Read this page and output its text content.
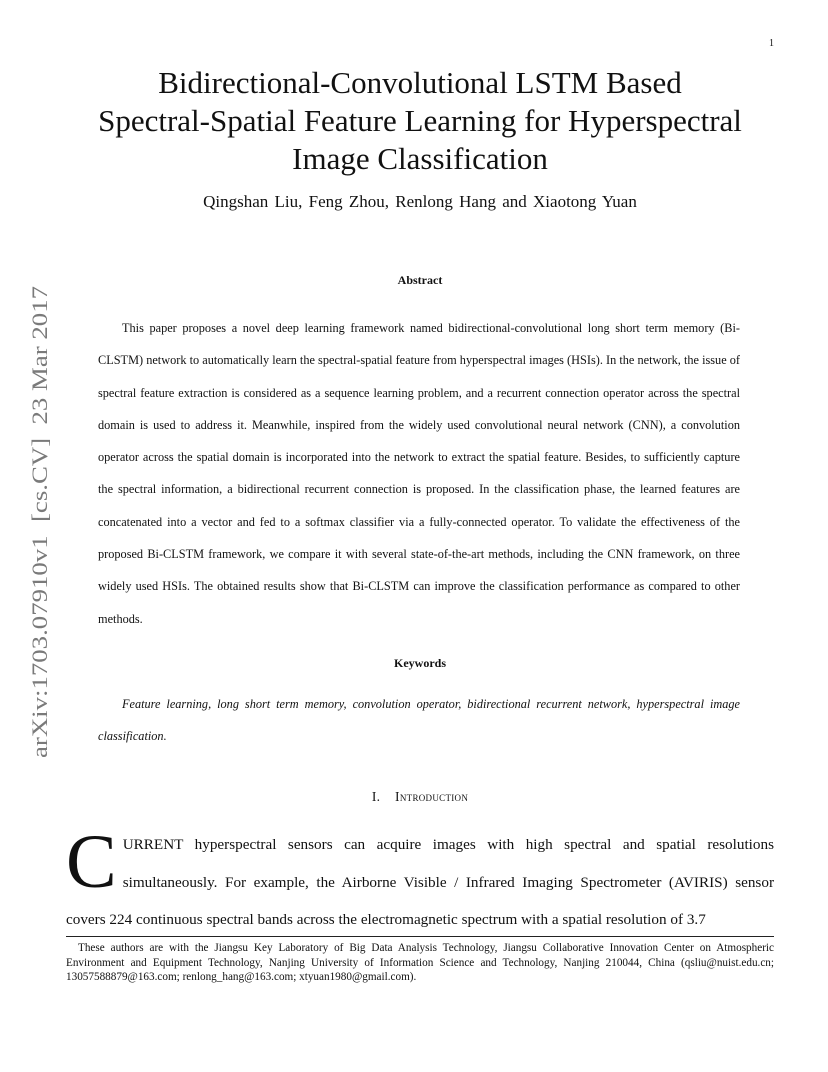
1
arXiv:1703.07910v1  [cs.CV]  23 Mar 2017
Bidirectional-Convolutional LSTM Based
Spectral-Spatial Feature Learning for Hyperspectral
Image Classification
Qingshan Liu, Feng Zhou, Renlong Hang and Xiaotong Yuan
Abstract

This paper proposes a novel deep learning framework named bidirectional-convolutional long short term memory (Bi-CLSTM) network to automatically learn the spectral-spatial feature from hyperspectral images (HSIs). In the network, the issue of spectral feature extraction is considered as a sequence learning problem, and a recurrent connection operator across the spectral domain is used to address it. Meanwhile, inspired from the widely used convolutional neural network (CNN), a convolution operator across the spatial domain is incorporated into the network to extract the spatial feature. Besides, to sufficiently capture the spectral information, a bidirectional recurrent connection is proposed. In the classification phase, the learned features are concatenated into a vector and fed to a softmax classifier via a fully-connected operator. To validate the effectiveness of the proposed Bi-CLSTM framework, we compare it with several state-of-the-art methods, including the CNN framework, on three widely used HSIs. The obtained results show that Bi-CLSTM can improve the classification performance as compared to other methods.

Keywords

Feature learning, long short term memory, convolution operator, bidirectional recurrent network, hyperspectral image classification.

I. Introduction
C URRENT hyperspectral sensors can acquire images with high spectral and spatial resolutions simultaneously. For example, the Airborne Visible / Infrared Imaging Spectrometer (AVIRIS) sensor covers 224 continuous spectral bands across the electromagnetic spectrum with a spatial resolution of 3.7

These authors are with the Jiangsu Key Laboratory of Big Data Analysis Technology, Jiangsu Collaborative Innovation Center on Atmospheric Environment and Equipment Technology, Nanjing University of Information Science and Technology, Nanjing 210044, China (qsliu@nuist.edu.cn; 13057588879@163.com; renlong_hang@163.com; xtyuan1980@gmail.com).
